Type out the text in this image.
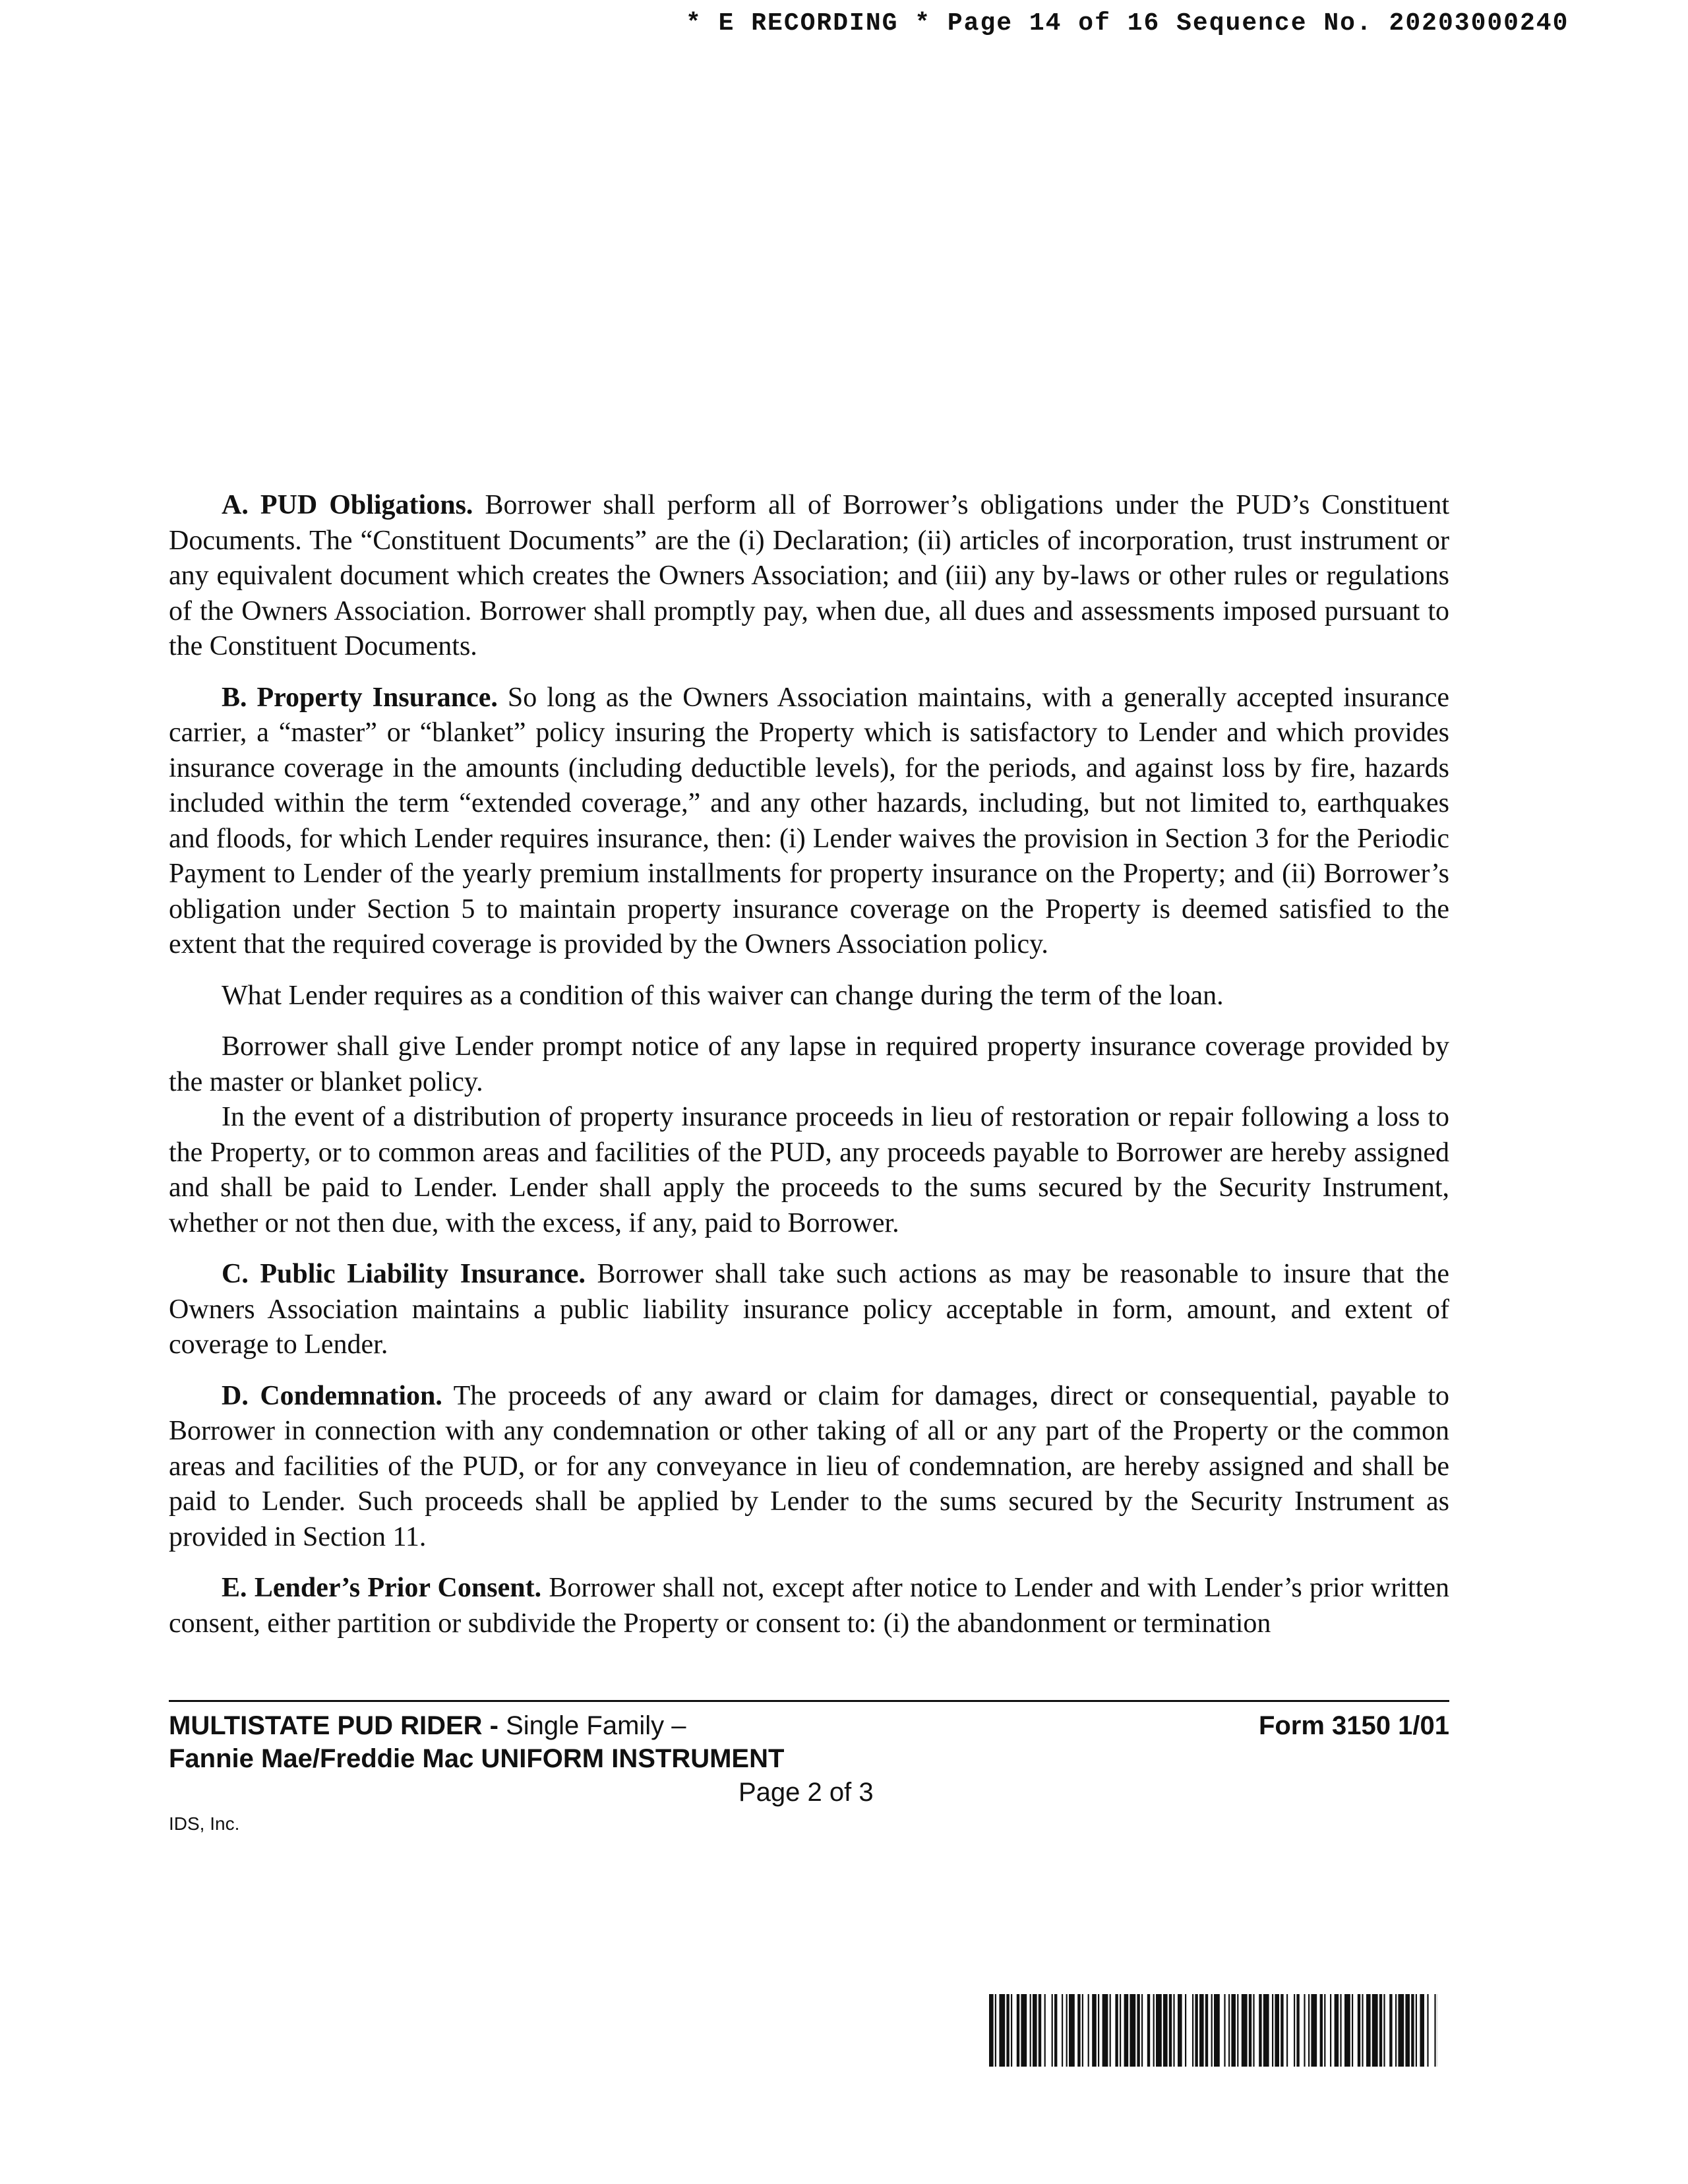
* E RECORDING * Page 14 of 16 Sequence No. 20203000240

A. PUD Obligations. Borrower shall perform all of Borrower’s obligations under the PUD’s Constituent Documents. The “Constituent Documents” are the (i) Declaration; (ii) articles of incorporation, trust instrument or any equivalent document which creates the Owners Association; and (iii) any by-laws or other rules or regulations of the Owners Association. Borrower shall promptly pay, when due, all dues and assessments imposed pursuant to the Constituent Documents.

B. Property Insurance. So long as the Owners Association maintains, with a generally accepted insurance carrier, a “master” or “blanket” policy insuring the Property which is satisfactory to Lender and which provides insurance coverage in the amounts (including deductible levels), for the periods, and against loss by fire, hazards included within the term “extended coverage,” and any other hazards, including, but not limited to, earthquakes and floods, for which Lender requires insurance, then: (i) Lender waives the provision in Section 3 for the Periodic Payment to Lender of the yearly premium installments for property insurance on the Property; and (ii) Borrower’s obligation under Section 5 to maintain property insurance coverage on the Property is deemed satisfied to the extent that the required coverage is provided by the Owners Association policy.

What Lender requires as a condition of this waiver can change during the term of the loan.

Borrower shall give Lender prompt notice of any lapse in required property insurance coverage provided by the master or blanket policy.

In the event of a distribution of property insurance proceeds in lieu of restoration or repair following a loss to the Property, or to common areas and facilities of the PUD, any proceeds payable to Borrower are hereby assigned and shall be paid to Lender. Lender shall apply the proceeds to the sums secured by the Security Instrument, whether or not then due, with the excess, if any, paid to Borrower.

C. Public Liability Insurance. Borrower shall take such actions as may be reasonable to insure that the Owners Association maintains a public liability insurance policy acceptable in form, amount, and extent of coverage to Lender.

D. Condemnation. The proceeds of any award or claim for damages, direct or consequential, payable to Borrower in connection with any condemnation or other taking of all or any part of the Property or the common areas and facilities of the PUD, or for any conveyance in lieu of condemnation, are hereby assigned and shall be paid to Lender. Such proceeds shall be applied by Lender to the sums secured by the Security Instrument as provided in Section 11.

E. Lender’s Prior Consent. Borrower shall not, except after notice to Lender and with Lender’s prior written consent, either partition or subdivide the Property or consent to: (i) the abandonment or termination

MULTISTATE PUD RIDER - Single Family –	Form 3150 1/01
Fannie Mae/Freddie Mac UNIFORM INSTRUMENT
Page 2 of 3
IDS, Inc.
